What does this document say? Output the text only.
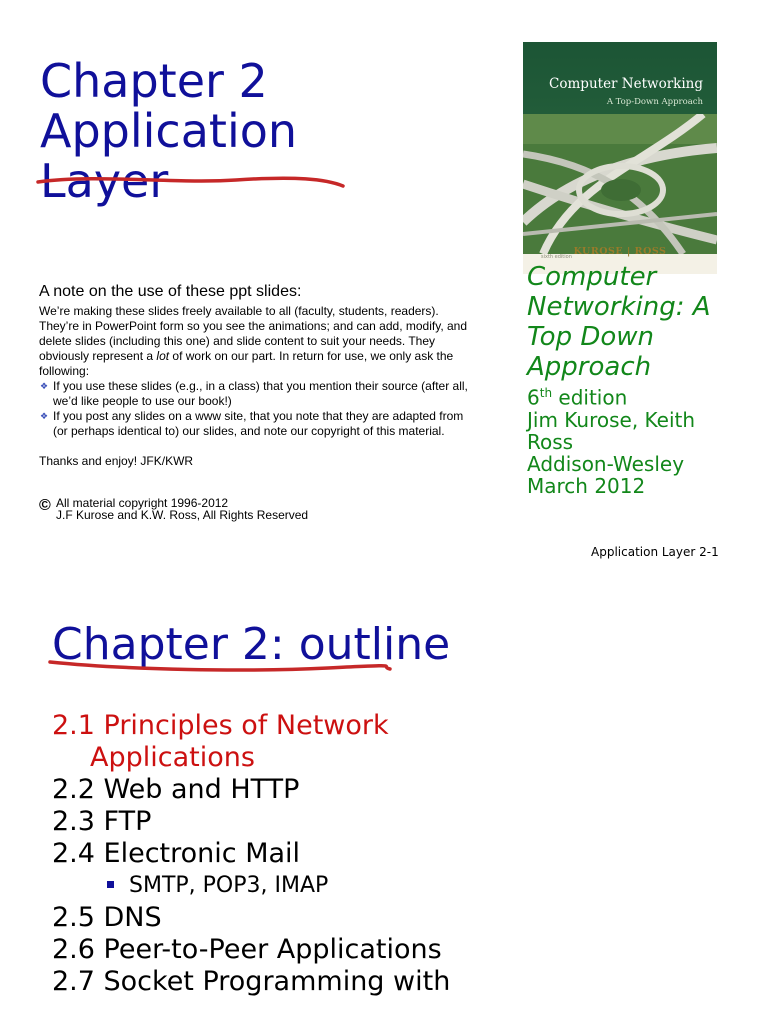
Chapter 2
Application
Layer
Computer Networking
A Top-Down Approach
sixth edition KUROSE | ROSS
Computer
Networking: A
Top Down
Approach
6th edition
Jim Kurose, Keith
Ross
Addison-Wesley
March 2012

A note on the use of these ppt slides:

We’re making these slides freely available to all (faculty, students, readers). They’re in PowerPoint form so you see the animations; and can add, modify, and delete slides (including this one) and slide content to suit your needs. They obviously represent a lot of work on our part. In return for use, we only ask the following:

❖ If you use these slides (e.g., in a class) that you mention their source (after all, we’d like people to use our book!)
❖ If you post any slides on a www site, that you note that they are adapted from (or perhaps identical to) our slides, and note our copyright of this material.
Thanks and enjoy! JFK/KWR
© All material copyright 1996-2012
J.F Kurose and K.W. Ross, All Rights Reserved
Application Layer 2-1
Chapter 2: outline
2.1 Principles of Network
Applications
2.2 Web and HTTP
2.3 FTP
2.4 Electronic Mail
SMTP, POP3, IMAP
2.5 DNS
2.6 Peer-to-Peer Applications
2.7 Socket Programming with
